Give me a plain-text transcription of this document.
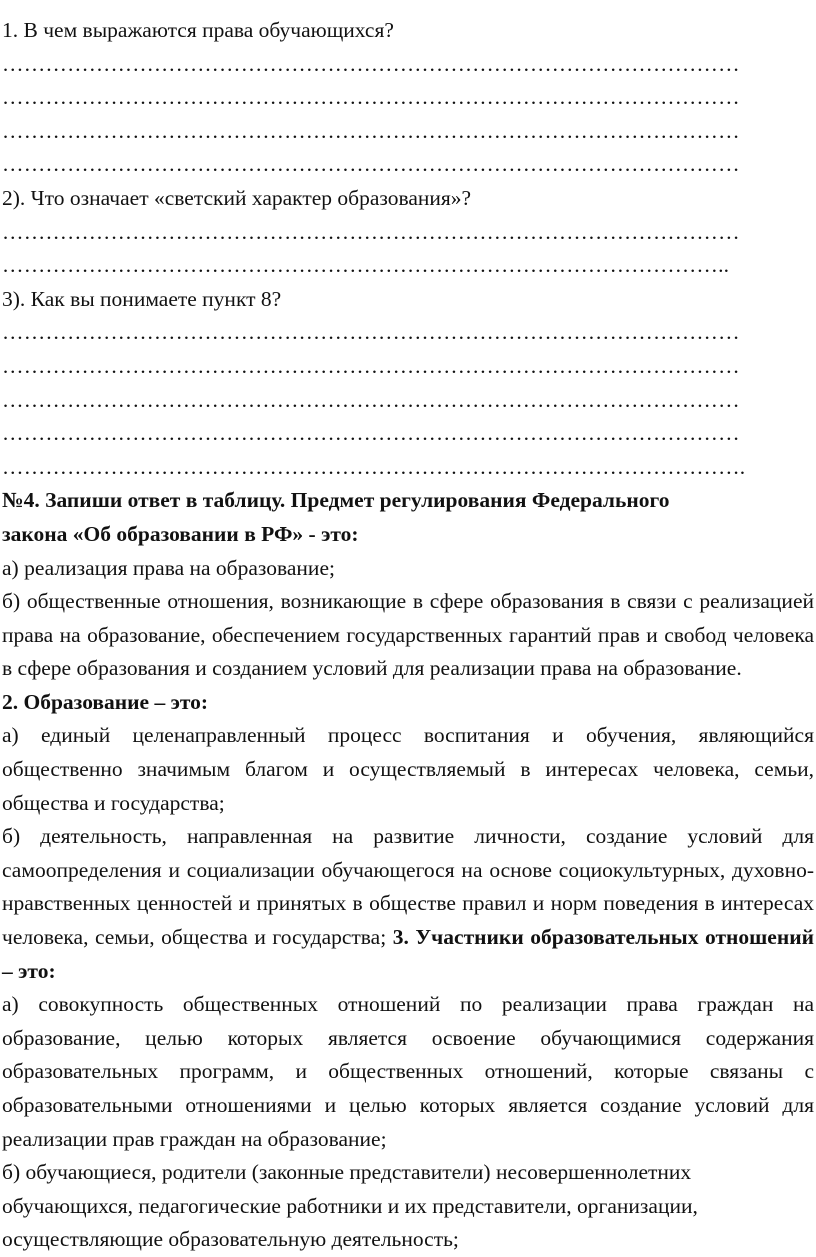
1. В чем выражаются права обучающихся?
…………………………………………………………………………………………
…………………………………………………………………………………………
…………………………………………………………………………………………
…………………………………………………………………………………………
2). Что означает «светский характер образования»?
…………………………………………………………………………………………
………………………………………………………………………………………..
3). Как вы понимаете пункт 8?
…………………………………………………………………………………………
…………………………………………………………………………………………
…………………………………………………………………………………………
…………………………………………………………………………………………
………………………………………………………………………………………….
№4. Запиши ответ в таблицу. Предмет регулирования Федерального
закона «Об образовании в РФ» - это:
а) реализация права на образование;
б) общественные отношения, возникающие в сфере образования в связи с реализацией права на образование, обеспечением государственных гарантий прав и свобод человека в сфере образования и созданием условий для реализации права на образование.
2. Образование – это:
а) единый целенаправленный процесс воспитания и обучения, являющийся общественно значимым благом и осуществляемый в интересах человека, семьи, общества и государства;
б) деятельность, направленная на развитие личности, создание условий для самоопределения и социализации обучающегося на основе социокультурных, духовно-нравственных ценностей и принятых в обществе правил и норм поведения в интересах человека, семьи, общества и государства; 3. Участники образовательных отношений – это:
а) совокупность общественных отношений по реализации права граждан на образование, целью которых является освоение обучающимися содержания образовательных программ, и общественных отношений, которые связаны с образовательными отношениями и целью которых является создание условий для реализации прав граждан на образование;
б) обучающиеся, родители (законные представители) несовершеннолетних
обучающихся, педагогические работники и их представители, организации,
осуществляющие образовательную деятельность;
